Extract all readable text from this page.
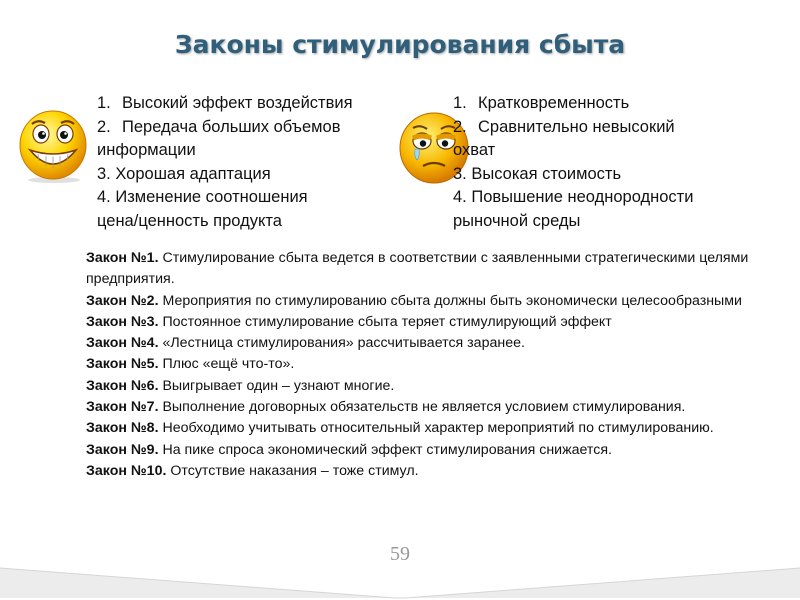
Законы стимулирования сбыта

1. Высокий эффект воздействия

2. Передача больших объемов
информации

3. Хорошая адаптация

4. Изменение соотношения
цена/ценность продукта

1. Кратковременность

2. Сравнительно невысокий
охват

3. Высокая стоимость

4. Повышение неоднородности
рыночной среды

Закон №1. Стимулирование сбыта ведется в соответствии с заявленными стратегическими целями предприятия.

Закон №2. Мероприятия по стимулированию сбыта должны быть экономически целесообразными

Закон №3. Постоянное стимулирование сбыта теряет стимулирующий эффект

Закон №4. «Лестница стимулирования» рассчитывается заранее.

Закон №5. Плюс «ещё что-то».

Закон №6. Выигрывает один – узнают многие.

Закон №7. Выполнение договорных обязательств не является условием стимулирования.

Закон №8. Необходимо учитывать относительный характер мероприятий по стимулированию.

Закон №9. На пике спроса экономический эффект стимулирования снижается.

Закон №10. Отсутствие наказания – тоже стимул.

59
